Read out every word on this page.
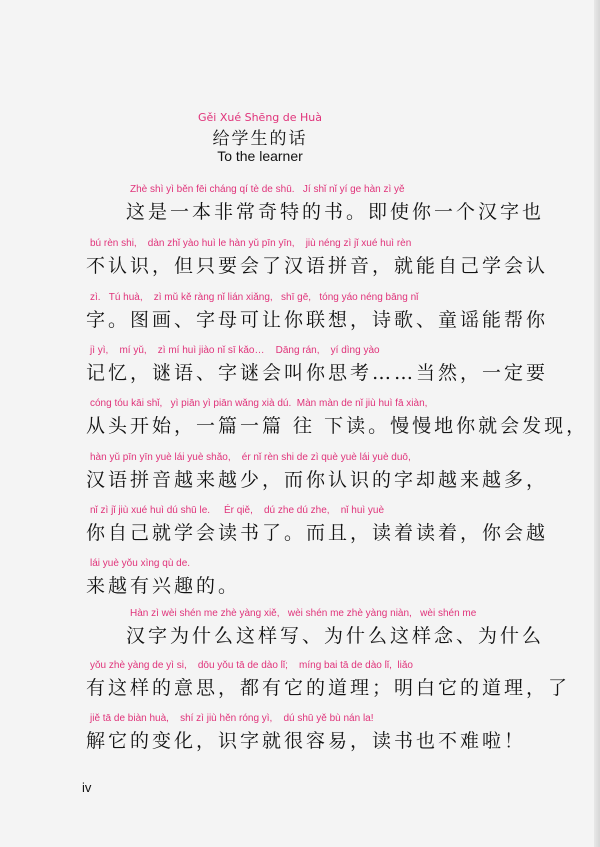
Gěi Xué Shēng de Huà
给学生的话
To the learner
Zhè shì yì běn fēi cháng qí tè de shū.   Jí shǐ nǐ yí ge hàn zì yě
这是一本非常奇特的书。即使你一个汉字也
bú rèn shi,    dàn zhǐ yào huì le hàn yǔ pīn yīn,    jiù néng zì jǐ xué huì rèn
不认识，但只要会了汉语拼音，就能自己学会认
zì.   Tú huà,    zì mǔ kě ràng nǐ lián xiǎng,   shī gē,   tóng yáo néng bāng nǐ
字。图画、字母可让你联想，诗歌、童谣能帮你
jì yì,    mí yǔ,    zì mí huì jiào nǐ sī kǎo…    Dāng rán,    yí dìng yào
记忆，谜语、字谜会叫你思考……当然，一定要
cóng tóu kāi shǐ,   yì piān yì piān wǎng xià dú.  Màn màn de nǐ jiù huì fā xiàn,
从头开始，一篇一篇 往 下读。慢慢地你就会发现，
hàn yǔ pīn yīn yuè lái yuè shǎo,    ér nǐ rèn shi de zì què yuè lái yuè duō,
汉语拼音越来越少，而你认识的字却越来越多，
nǐ zì jǐ jiù xué huì dú shū le.     Ér qiě,    dú zhe dú zhe,    nǐ huì yuè
你自己就学会读书了。而且，读着读着，你会越
lái yuè yǒu xìng qù de.
来越有兴趣的。
Hàn zì wèi shén me zhè yàng xiě,   wèi shén me zhè yàng niàn,   wèi shén me
汉字为什么这样写、为什么这样念、为什么
yǒu zhè yàng de yì si,    dōu yǒu tā de dào lǐ;    míng bai tā de dào lǐ,  liǎo
有这样的意思，都有它的道理；明白它的道理，了
jiě tā de biàn huà,    shí zì jiù hěn róng yì,    dú shū yě bù nán la!
解它的变化，识字就很容易，读书也不难啦！
iv
